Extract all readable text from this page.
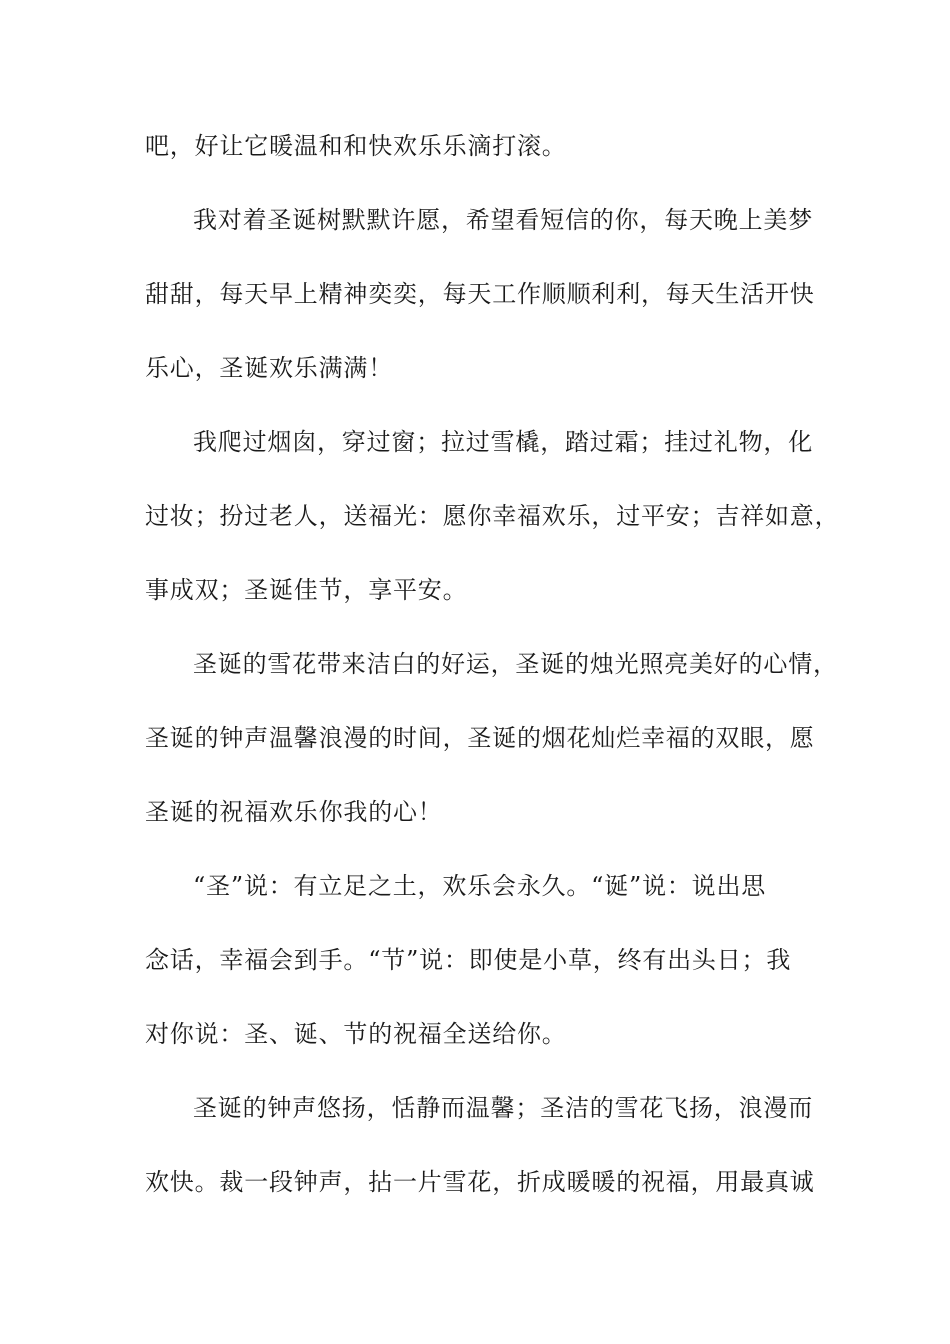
吧，好让它暖温和和快欢乐乐滴打滚。
我对着圣诞树默默许愿，希望看短信的你，每天晚上美梦
甜甜，每天早上精神奕奕，每天工作顺顺利利，每天生活开快
乐心，圣诞欢乐满满！
我爬过烟囱，穿过窗；拉过雪橇，踏过霜；挂过礼物，化
过妆；扮过老人，送福光：愿你幸福欢乐，过平安；吉祥如意，
事成双；圣诞佳节，享平安。
圣诞的雪花带来洁白的好运，圣诞的烛光照亮美好的心情，
圣诞的钟声温馨浪漫的时间，圣诞的烟花灿烂幸福的双眼，愿
圣诞的祝福欢乐你我的心！
“圣”说：有立足之土，欢乐会永久。“诞”说：说出思
念话，幸福会到手。“节”说：即使是小草，终有出头日；我
对你说：圣、诞、节的祝福全送给你。
圣诞的钟声悠扬，恬静而温馨；圣洁的雪花飞扬，浪漫而
欢快。裁一段钟声，拈一片雪花，折成暖暖的祝福，用最真诚
